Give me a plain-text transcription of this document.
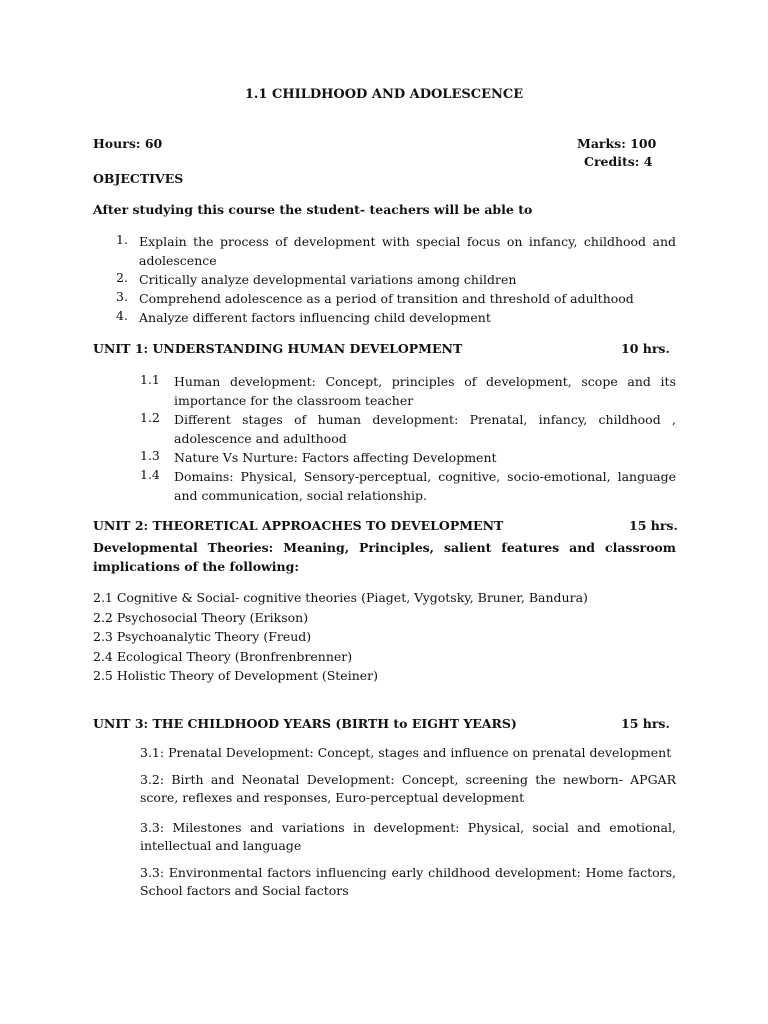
1.1 CHILDHOOD AND ADOLESCENCE
Hours: 60	Marks: 100
Credits: 4
OBJECTIVES
After studying this course the student- teachers will be able to
1. Explain the process of development with special focus on infancy, childhood and adolescence
2. Critically analyze developmental variations among children
3. Comprehend adolescence as a period of transition and threshold of adulthood
4. Analyze different factors influencing child development
UNIT 1: UNDERSTANDING HUMAN DEVELOPMENT	10 hrs.
1.1	Human development: Concept, principles of development, scope and its importance for the classroom teacher
1.2	Different stages of human development: Prenatal, infancy, childhood , adolescence and adulthood
1.3	Nature Vs Nurture: Factors affecting Development
1.4	Domains: Physical, Sensory-perceptual, cognitive, socio-emotional, language and communication, social relationship.
UNIT 2: THEORETICAL APPROACHES TO DEVELOPMENT	15 hrs.
Developmental Theories: Meaning, Principles, salient features and classroom implications of the following:
2.1 Cognitive & Social- cognitive theories (Piaget, Vygotsky, Bruner, Bandura)
2.2 Psychosocial Theory (Erikson)
2.3 Psychoanalytic Theory (Freud)
2.4 Ecological Theory (Bronfrenbrenner)
2.5 Holistic Theory of Development (Steiner)
UNIT 3: THE CHILDHOOD YEARS (BIRTH to EIGHT YEARS)	15 hrs.
3.1: Prenatal Development: Concept, stages and influence on prenatal development
3.2: Birth and Neonatal Development: Concept, screening the newborn- APGAR score, reflexes and responses, Euro-perceptual development
3.3: Milestones and variations in development: Physical, social and emotional, intellectual and language
3.3: Environmental factors influencing early childhood development: Home factors, School factors and Social factors
